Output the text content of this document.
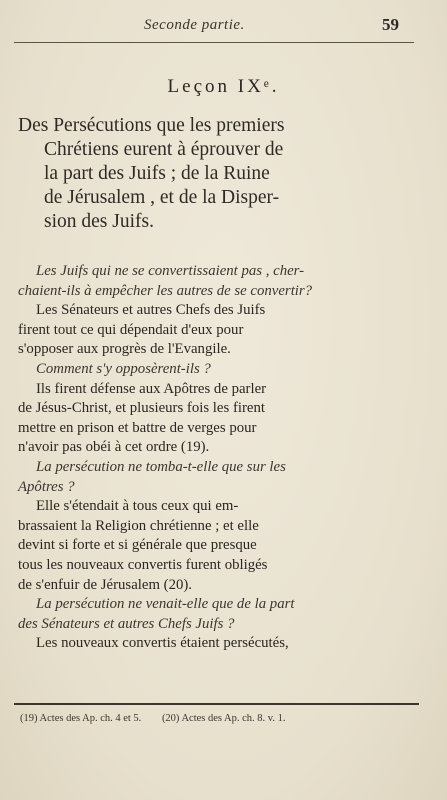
Seconde partie.	59
Leçon IXᵉ.
Des Persécutions que les premiers
Chrétiens eurent à éprouver de
la part des Juifs ; de la Ruine
de Jérusalem , et de la Disper-
sion des Juifs.
Les Juifs qui ne se convertissaient pas , cher-
chaient-ils à empêcher les autres de se convertir?
Les Sénateurs et autres Chefs des Juifs
firent tout ce qui dépendait d'eux pour
s'opposer aux progrès de l'Evangile.
Comment s'y opposèrent-ils ?
Ils firent défense aux Apôtres de parler
de Jésus-Christ, et plusieurs fois les firent
mettre en prison et battre de verges pour
n'avoir pas obéi à cet ordre (19).
La persécution ne tomba-t-elle que sur les
Apôtres ?
Elle s'étendait à tous ceux qui em-
brassaient la Religion chrétienne ; et elle
devint si forte et si générale que presque
tous les nouveaux convertis furent obligés
de s'enfuir de Jérusalem (20).
La persécution ne venait-elle que de la part
des Sénateurs et autres Chefs Juifs ?
Les nouveaux convertis étaient persécutés,
(19) Actes des Ap. ch. 4 et 5. (20) Actes des Ap. ch. 8. v. 1.
